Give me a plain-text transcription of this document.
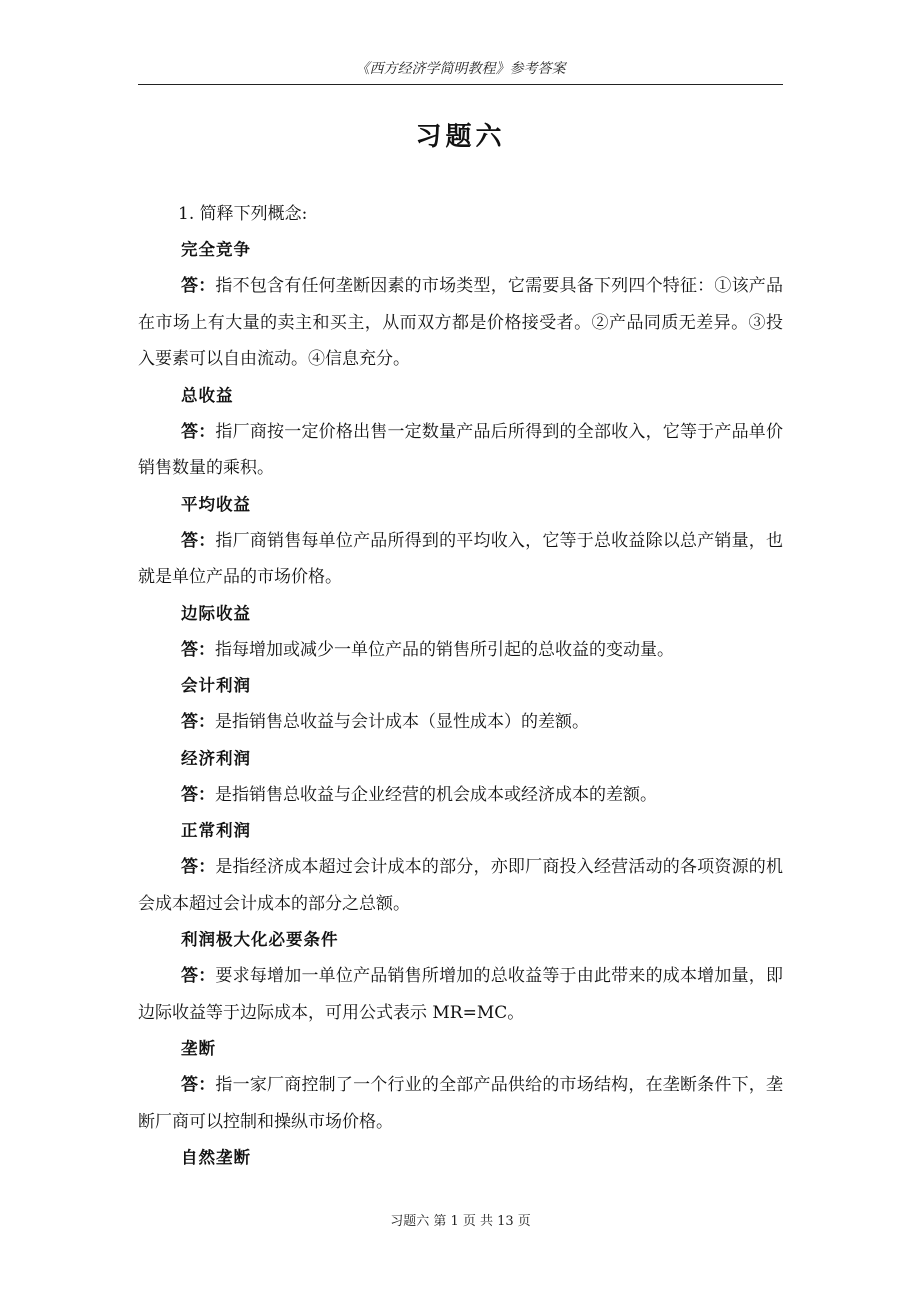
《西方经济学简明教程》参考答案
习题六
1. 简释下列概念:
完全竞争

答：指不包含有任何垄断因素的市场类型，它需要具备下列四个特征：①该产品在市场上有大量的卖主和买主，从而双方都是价格接受者。②产品同质无差异。③投入要素可以自由流动。④信息充分。

总收益

答：指厂商按一定价格出售一定数量产品后所得到的全部收入，它等于产品单价销售数量的乘积。

平均收益

答：指厂商销售每单位产品所得到的平均收入，它等于总收益除以总产销量，也就是单位产品的市场价格。

边际收益

答：指每增加或减少一单位产品的销售所引起的总收益的变动量。

会计利润

答：是指销售总收益与会计成本（显性成本）的差额。

经济利润

答：是指销售总收益与企业经营的机会成本或经济成本的差额。

正常利润

答：是指经济成本超过会计成本的部分，亦即厂商投入经营活动的各项资源的机会成本超过会计成本的部分之总额。

利润极大化必要条件

答：要求每增加一单位产品销售所增加的总收益等于由此带来的成本增加量，即边际收益等于边际成本，可用公式表示 MR=MC。

垄断

答：指一家厂商控制了一个行业的全部产品供给的市场结构，在垄断条件下，垄断厂商可以控制和操纵市场价格。

自然垄断
习题六 第 1 页 共 13 页
